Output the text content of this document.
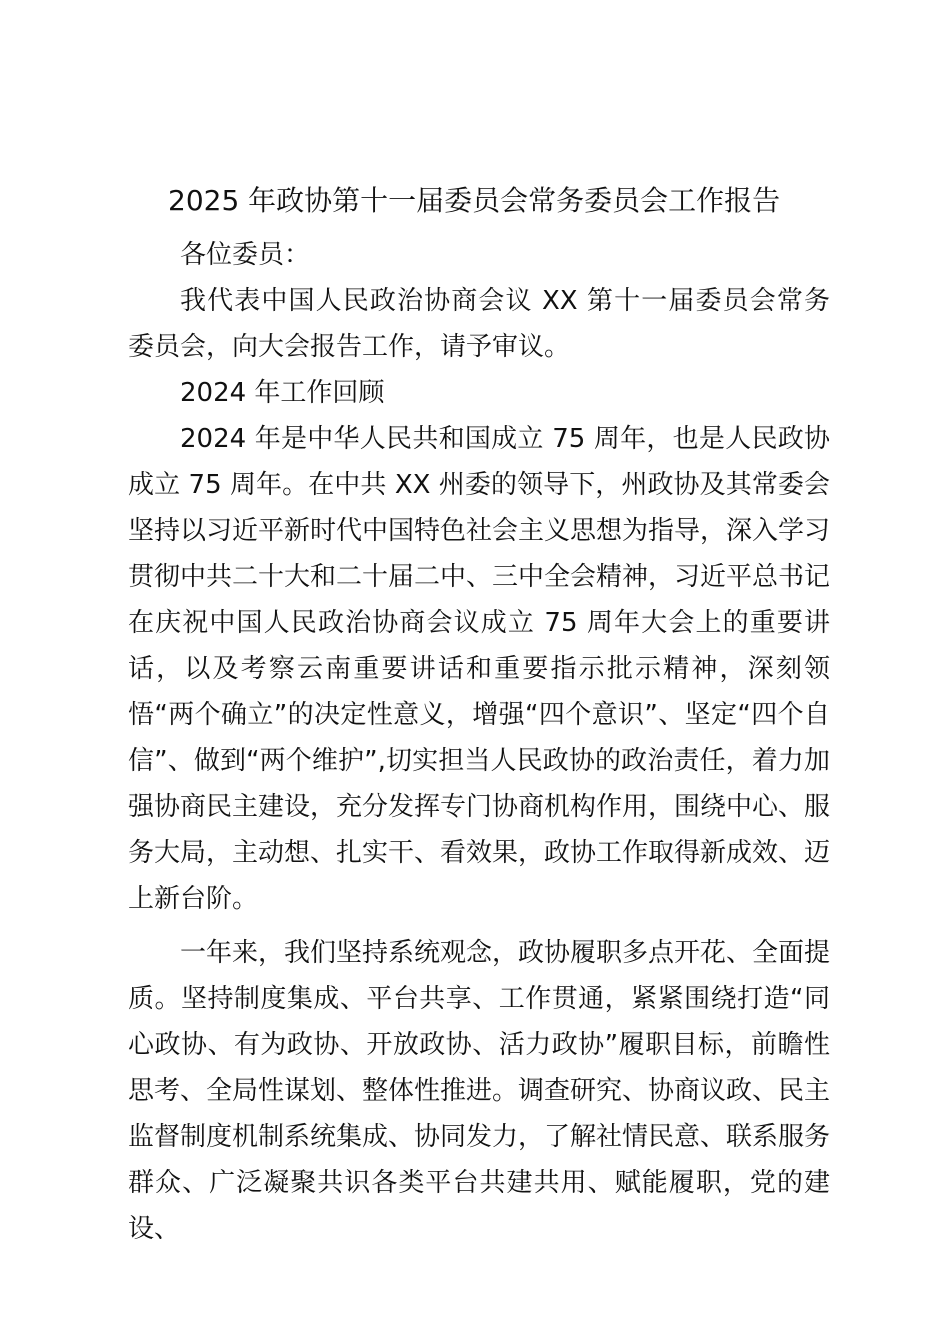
2025 年政协第十一届委员会常务委员会工作报告

各位委员：

我代表中国人民政治协商会议 XX 第十一届委员会常务委员会，向大会报告工作，请予审议。

2024 年工作回顾

2024 年是中华人民共和国成立 75 周年，也是人民政协成立 75 周年。在中共 XX 州委的领导下，州政协及其常委会坚持以习近平新时代中国特色社会主义思想为指导，深入学习贯彻中共二十大和二十届二中、三中全会精神，习近平总书记在庆祝中国人民政治协商会议成立 75 周年大会上的重要讲话，以及考察云南重要讲话和重要指示批示精神，深刻领悟“两个确立”的决定性意义，增强“四个意识”、坚定“四个自信”、做到“两个维护”,切实担当人民政协的政治责任，着力加强协商民主建设，充分发挥专门协商机构作用，围绕中心、服务大局，主动想、扎实干、看效果，政协工作取得新成效、迈上新台阶。

一年来，我们坚持系统观念，政协履职多点开花、全面提质。坚持制度集成、平台共享、工作贯通，紧紧围绕打造“同心政协、有为政协、开放政协、活力政协”履职目标，前瞻性思考、全局性谋划、整体性推进。调查研究、协商议政、民主监督制度机制系统集成、协同发力，了解社情民意、联系服务群众、广泛凝聚共识各类平台共建共用、赋能履职，党的建设、
